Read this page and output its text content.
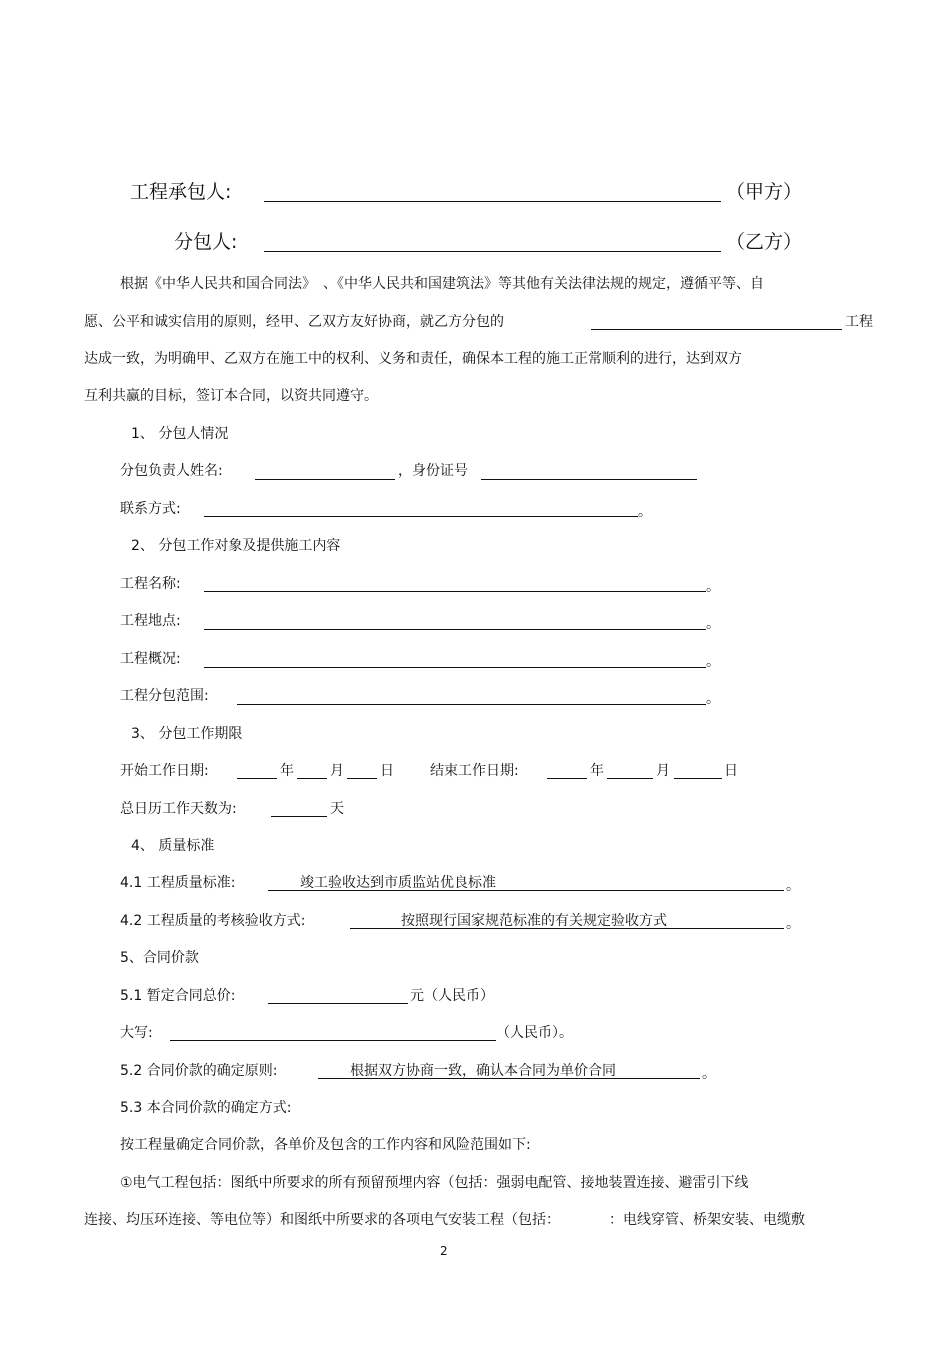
工程承包人:	（甲方）
分包人:	（乙方）
根据《中华人民共和国合同法》　、《中华人民共和国建筑法》等其他有关法律法规的规定，遵循平等、自
愿、公平和诚实信用的原则，经甲、乙双方友好协商，就乙方分包的	工程
达成一致，为明确甲、乙双方在施工中的权利、义务和责任，确保本工程的施工正常顺利的进行，达到双方
互利共赢的目标，签订本合同，以资共同遵守。
1、 分包人情况
分包负责人姓名:	，身份证号
联系方式:	。
2、 分包工作对象及提供施工内容
工程名称:	。
工程地点:	。
工程概况:	。
工程分包范围:	。
3、 分包工作期限
开始工作日期:	年	月	日	结束工作日期:	年	月	日
总日历工作天数为:	天
4、 质量标准
4.1 工程质量标准:	竣工验收达到市质监站优良标准	。
4.2 工程质量的考核验收方式:	按照现行国家规范标准的有关规定验收方式	。
5、合同价款
5.1 暂定合同总价:	元（人民币）
大写:	（人民币）。
5.2 合同价款的确定原则:	根据双方协商一致，确认本合同为单价合同	。
5.3 本合同价款的确定方式:
按工程量确定合同价款，各单价及包含的工作内容和风险范围如下:
①电气工程包括：图纸中所要求的所有预留预埋内容（包括：强弱电配管、接地装置连接、避雷引下线
连接、均压环连接、等电位等）和图纸中所要求的各项电气安装工程（包括：　　　　：电线穿管、桥架安装、电缆敷
2
